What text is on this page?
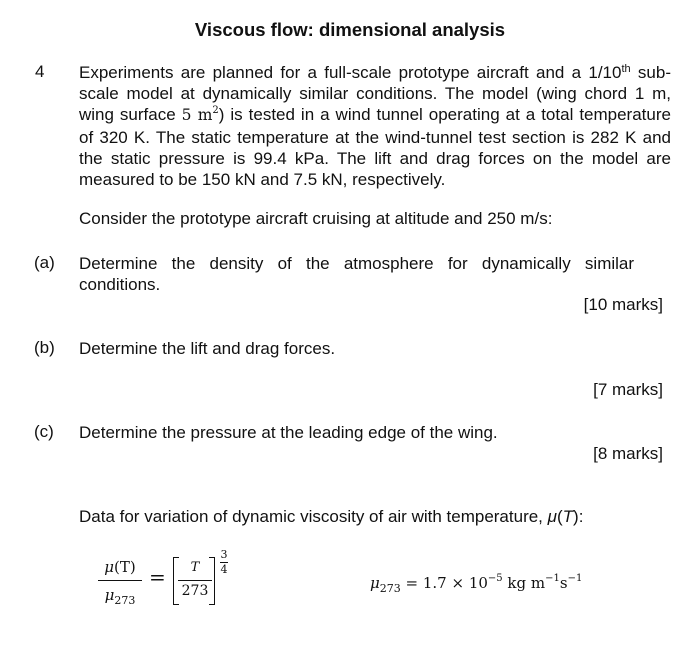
Viscous flow: dimensional analysis
4 Experiments are planned for a full-scale prototype aircraft and a 1/10th sub-scale model at dynamically similar conditions. The model (wing chord 1 m, wing surface 5 $m^2$) is tested in a wind tunnel operating at a total temperature of 320 K. The static temperature at the wind-tunnel test section is 282 K and the static pressure is 99.4 kPa. The lift and drag forces on the model are measured to be 150 kN and 7.5 kN, respectively.

Consider the prototype aircraft cruising at altitude and 250 m/s:
(a) Determine the density of the atmosphere for dynamically similar conditions.
[10 marks]
(b) Determine the lift and drag forces.
[7 marks]
(c) Determine the pressure at the leading edge of the wing.
[8 marks]
Data for variation of dynamic viscosity of air with temperature, μ(T):
μ(T)
$\mu_{273}$
=	T
273
3
4
$\mu_{273} = 1.7 \times 10^{-5}$ kg $m^{-1}s^{-1}$
